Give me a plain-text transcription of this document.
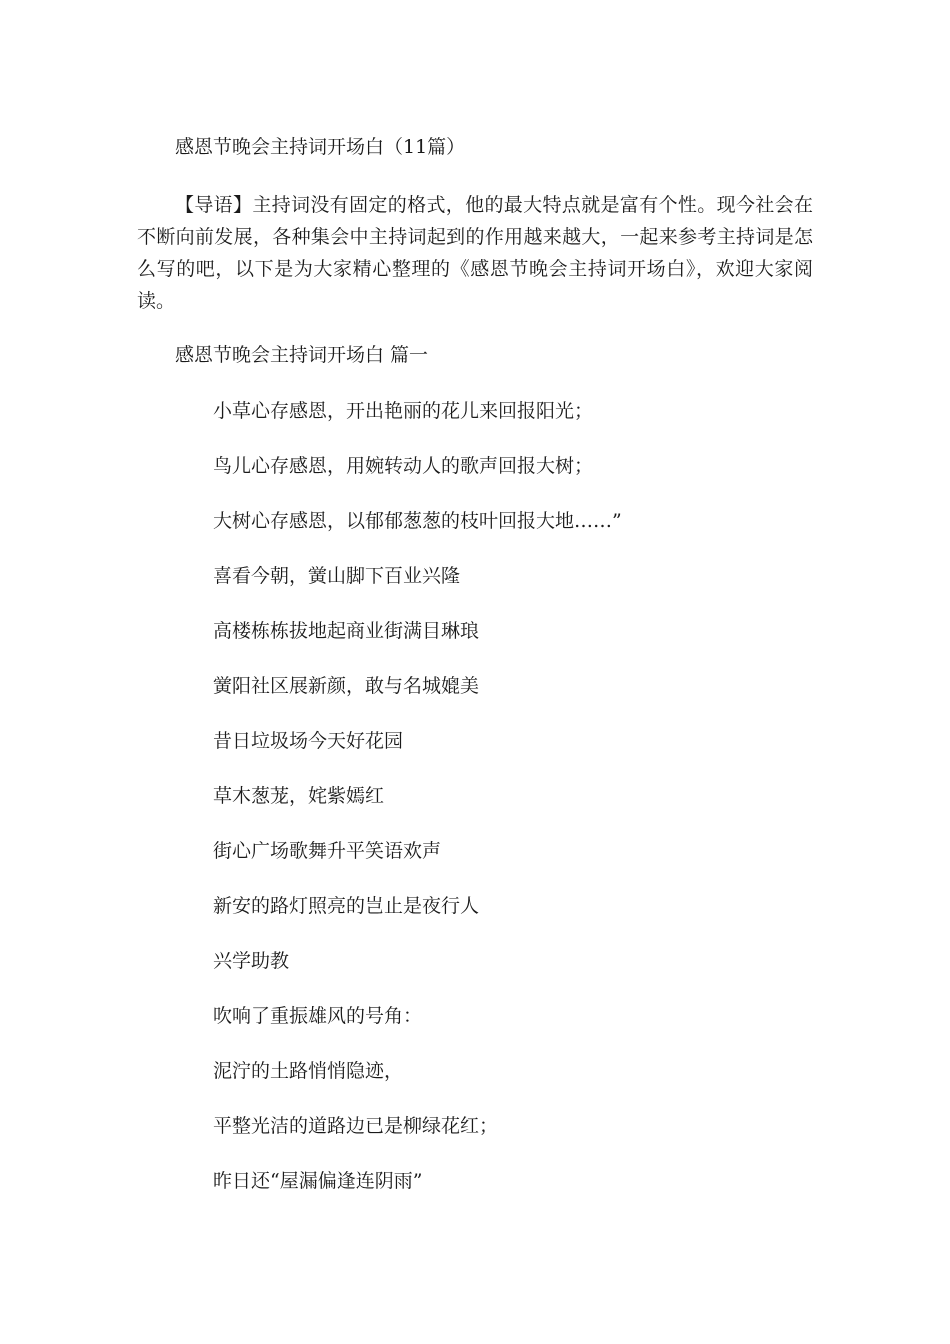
感恩节晚会主持词开场白（11篇）
【导语】主持词没有固定的格式，他的最大特点就是富有个性。现今社会在不断向前发展，各种集会中主持词起到的作用越来越大，一起来参考主持词是怎么写的吧，以下是为大家精心整理的《感恩节晚会主持词开场白》，欢迎大家阅读。
感恩节晚会主持词开场白 篇一
小草心存感恩，开出艳丽的花儿来回报阳光；
鸟儿心存感恩，用婉转动人的歌声回报大树；
大树心存感恩，以郁郁葱葱的枝叶回报大地……”
喜看今朝，黉山脚下百业兴隆
高楼栋栋拔地起商业街满目琳琅
黉阳社区展新颜，敢与名城媲美
昔日垃圾场今天好花园
草木葱茏，姹紫嫣红
街心广场歌舞升平笑语欢声
新安的路灯照亮的岂止是夜行人
兴学助教
吹响了重振雄风的号角：
泥泞的土路悄悄隐迹，
平整光洁的道路边已是柳绿花红；
昨日还“屋漏偏逢连阴雨”
